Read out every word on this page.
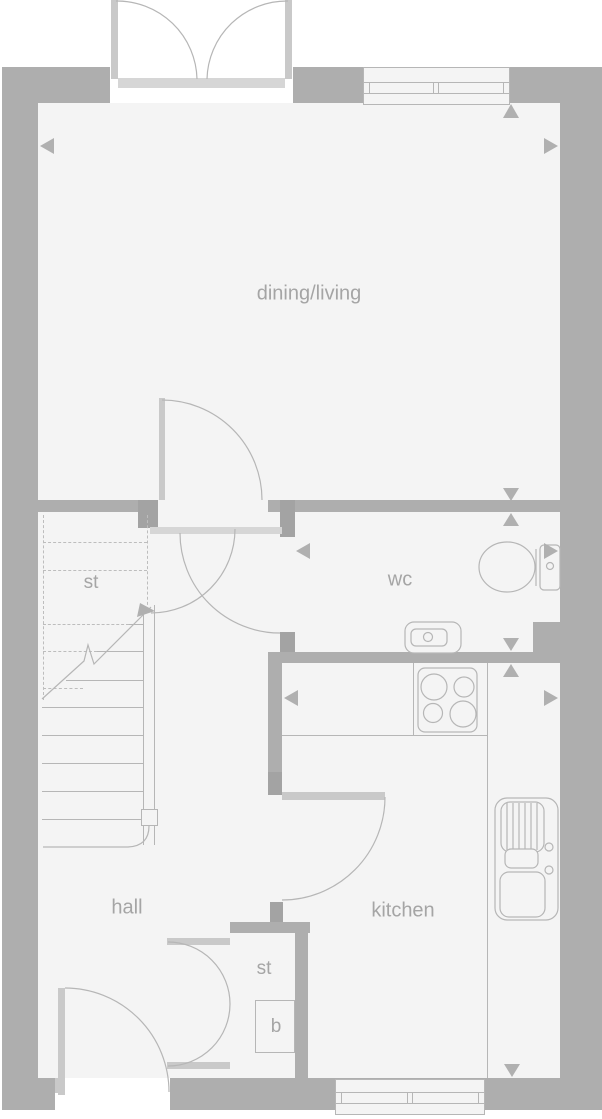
dining/living
st	wc
hall	kitchen
st
b
